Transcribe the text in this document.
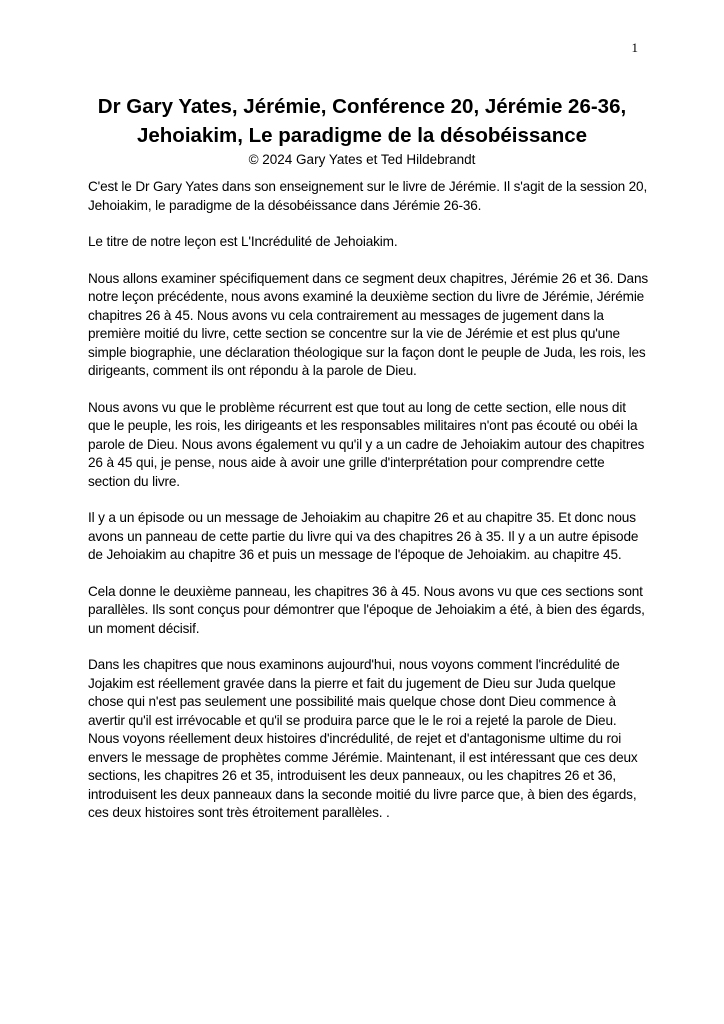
1
Dr Gary Yates, Jérémie, Conférence 20, Jérémie 26-36,
Jehoiakim, Le paradigme de la désobéissance
© 2024 Gary Yates et Ted Hildebrandt

C'est le Dr Gary Yates dans son enseignement sur le livre de Jérémie. Il s'agit de la session 20, Jehoiakim, le paradigme de la désobéissance dans Jérémie 26-36.

Le titre de notre leçon est L'Incrédulité de Jehoiakim.

Nous allons examiner spécifiquement dans ce segment deux chapitres, Jérémie 26 et 36. Dans notre leçon précédente, nous avons examiné la deuxième section du livre de Jérémie, Jérémie chapitres 26 à 45. Nous avons vu cela contrairement au messages de jugement dans la première moitié du livre, cette section se concentre sur la vie de Jérémie et est plus qu'une simple biographie, une déclaration théologique sur la façon dont le peuple de Juda, les rois, les dirigeants, comment ils ont répondu à la parole de Dieu.

Nous avons vu que le problème récurrent est que tout au long de cette section, elle nous dit que le peuple, les rois, les dirigeants et les responsables militaires n'ont pas écouté ou obéi la parole de Dieu. Nous avons également vu qu'il y a un cadre de Jehoiakim autour des chapitres 26 à 45 qui, je pense, nous aide à avoir une grille d'interprétation pour comprendre cette section du livre.

Il y a un épisode ou un message de Jehoiakim au chapitre 26 et au chapitre 35. Et donc nous avons un panneau de cette partie du livre qui va des chapitres 26 à 35. Il y a un autre épisode de Jehoiakim au chapitre 36 et puis un message de l'époque de Jehoiakim. au chapitre 45.

Cela donne le deuxième panneau, les chapitres 36 à 45. Nous avons vu que ces sections sont parallèles. Ils sont conçus pour démontrer que l'époque de Jehoiakim a été, à bien des égards, un moment décisif.

Dans les chapitres que nous examinons aujourd'hui, nous voyons comment l'incrédulité de Jojakim est réellement gravée dans la pierre et fait du jugement de Dieu sur Juda quelque chose qui n'est pas seulement une possibilité mais quelque chose dont Dieu commence à avertir qu'il est irrévocable et qu'il se produira parce que le le roi a rejeté la parole de Dieu. Nous voyons réellement deux histoires d'incrédulité, de rejet et d'antagonisme ultime du roi envers le message de prophètes comme Jérémie. Maintenant, il est intéressant que ces deux sections, les chapitres 26 et 35, introduisent les deux panneaux, ou les chapitres 26 et 36, introduisent les deux panneaux dans la seconde moitié du livre parce que, à bien des égards, ces deux histoires sont très étroitement parallèles. .
